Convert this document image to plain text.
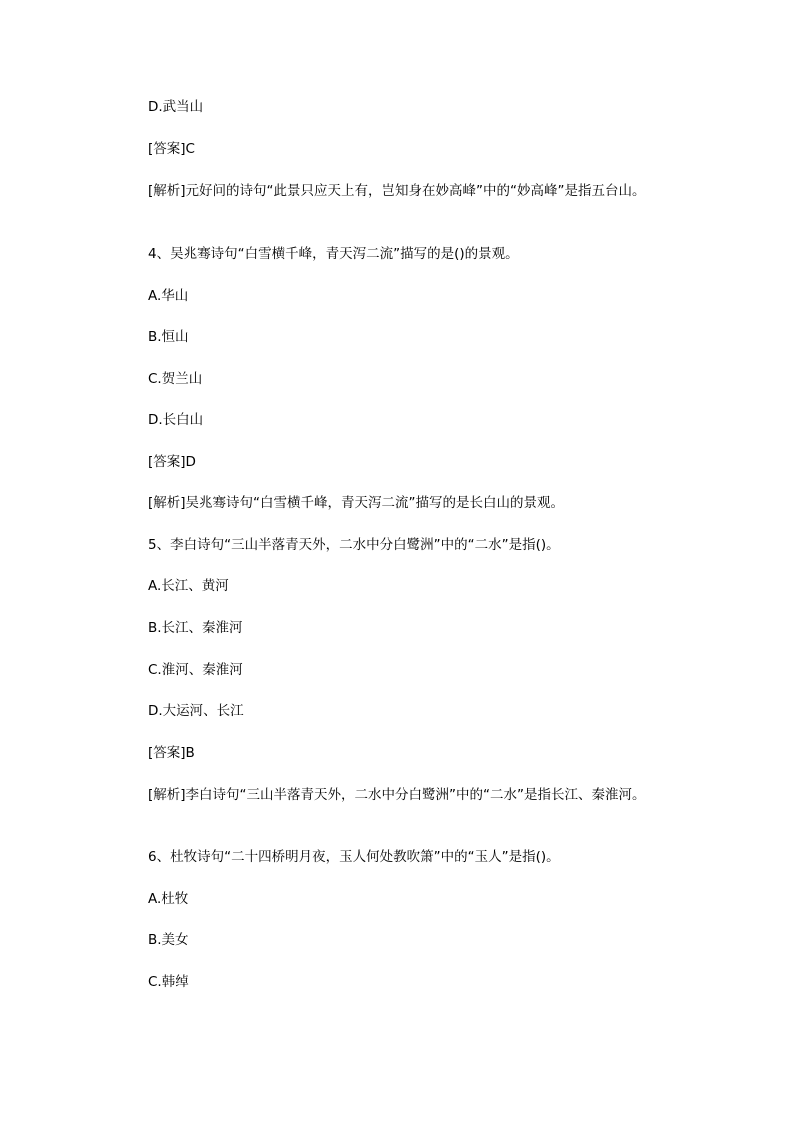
D.武当山
[答案]C
[解析]元好问的诗句“此景只应天上有，岂知身在妙高峰”中的“妙高峰”是指五台山。
4、吴兆骞诗句“白雪横千峰，青天泻二流”描写的是()的景观。
A.华山
B.恒山
C.贺兰山
D.长白山
[答案]D
[解析]吴兆骞诗句“白雪横千峰，青天泻二流”描写的是长白山的景观。
5、李白诗句“三山半落青天外，二水中分白鹭洲”中的“二水”是指()。
A.长江、黄河
B.长江、秦淮河
C.淮河、秦淮河
D.大运河、长江
[答案]B
[解析]李白诗句“三山半落青天外，二水中分白鹭洲”中的“二水”是指长江、秦淮河。
6、杜牧诗句“二十四桥明月夜，玉人何处教吹箫”中的“玉人”是指()。
A.杜牧
B.美女
C.韩绰
